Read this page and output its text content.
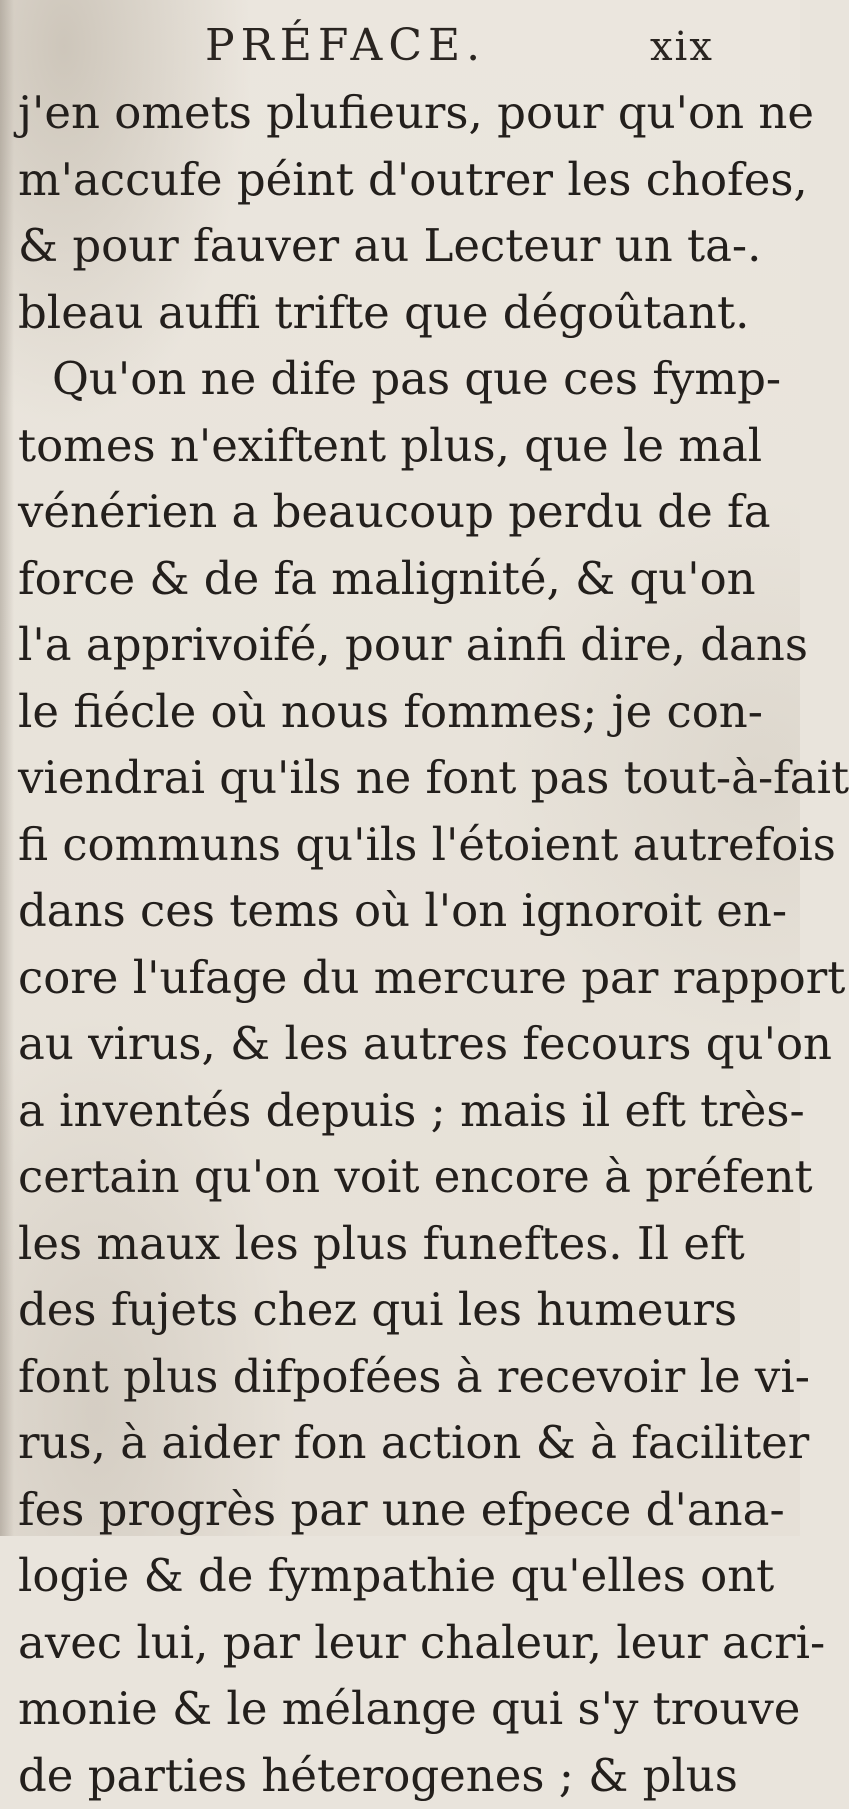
PRÉFACE.	xix
j'en omets plufieurs, pour qu'on ne
m'accufe péint d'outrer les chofes,
& pour fauver au Lecteur un ta-.
bleau auffi trifte que dégoûtant.
Qu'on ne dife pas que ces fymp-
tomes n'exiftent plus, que le mal
vénérien a beaucoup perdu de fa
force & de fa malignité, & qu'on
l'a apprivoifé, pour ainfi dire, dans
le fiécle où nous fommes; je con-
viendrai qu'ils ne font pas tout-à-fait
fi communs qu'ils l'étoient autrefois
dans ces tems où l'on ignoroit en-
core l'ufage du mercure par rapport
au virus, & les autres fecours qu'on
a inventés depuis ; mais il eft très-
certain qu'on voit encore à préfent
les maux les plus funeftes. Il eft
des fujets chez qui les humeurs
font plus difpofées à recevoir le vi-
rus, à aider fon action & à faciliter
fes progrès par une efpece d'ana-
logie & de fympathie qu'elles ont
avec lui, par leur chaleur, leur acri-
monie & le mélange qui s'y trouve
de parties héterogenes ; & plus
